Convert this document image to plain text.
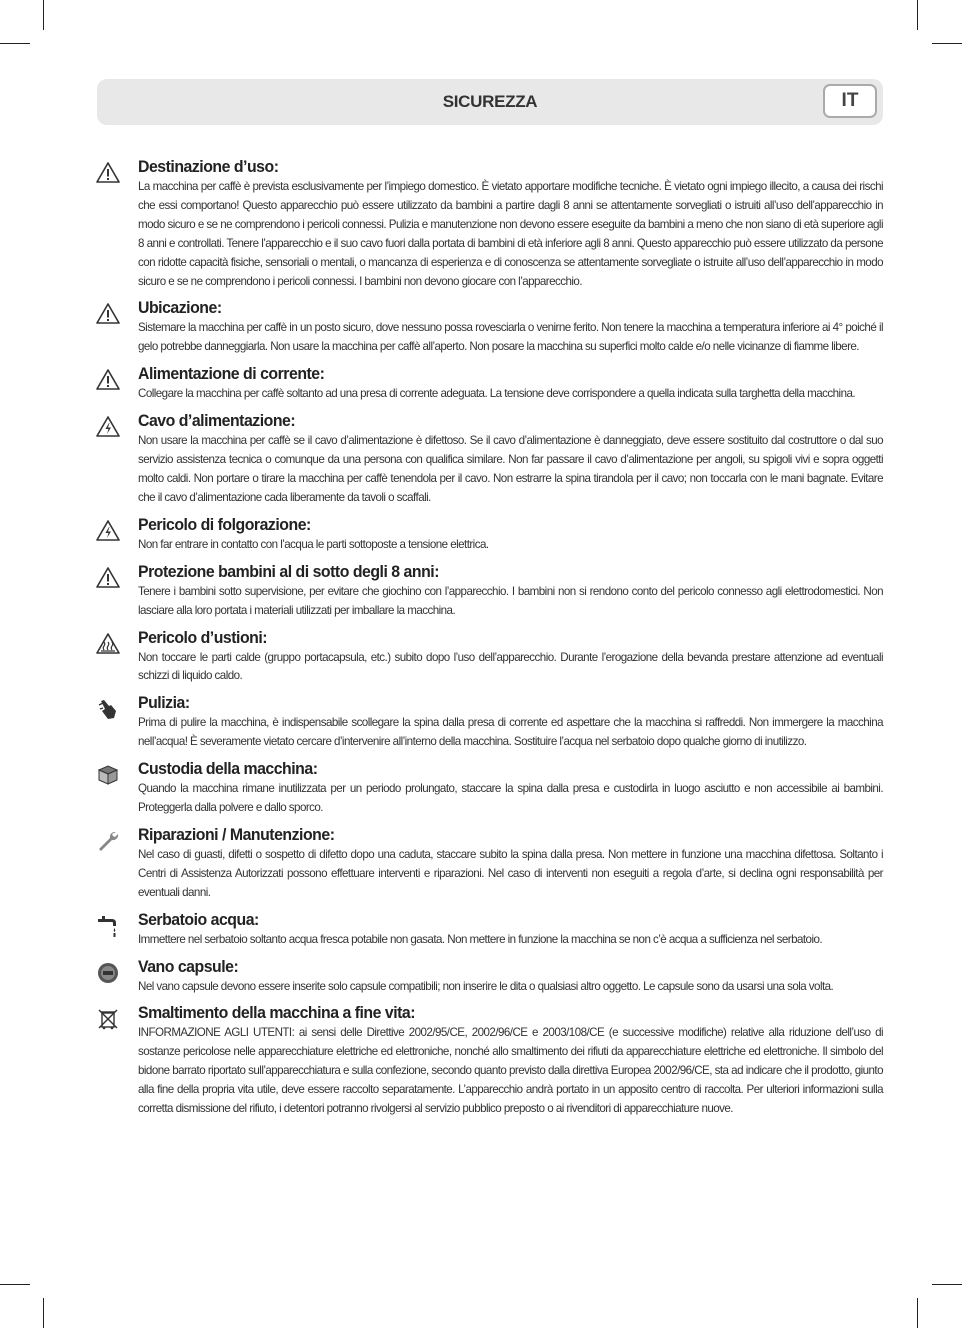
SICUREZZA	IT
Destinazione d’uso:
La macchina per caffè è prevista esclusivamente per l’impiego domestico. È vietato apportare modifiche tecniche. È vietato ogni impiego illecito, a causa dei rischi che essi comportano! Questo apparecchio può essere utilizzato da bambini a partire dagli 8 anni se attentamente sorvegliati o istruiti all’uso dell’apparecchio in modo sicuro e se ne comprendono i pericoli connessi. Pulizia e manutenzione non devono essere eseguite da bambini a meno che non siano di età superiore agli 8 anni e controllati. Tenere l’apparecchio e il suo cavo fuori dalla portata di bambini di età inferiore agli 8 anni. Questo apparecchio può essere utilizzato da persone con ridotte capacità fisiche, sensoriali o mentali, o mancanza di esperienza e di conoscenza se attentamente sorvegliate o istruite all’uso dell’apparecchio in modo sicuro e se ne comprendono i pericoli connessi. I bambini non devono giocare con l’apparecchio.
Ubicazione:
Sistemare la macchina per caffè in un posto sicuro, dove nessuno possa rovesciarla o venirne ferito. Non tenere la macchina a temperatura inferiore ai 4° poiché il gelo potrebbe danneggiarla. Non usare la macchina per caffè all’aperto. Non posare la macchina su superfici molto calde e/o nelle vicinanze di fiamme libere.
Alimentazione di corrente:
Collegare la macchina per caffè soltanto ad una presa di corrente adeguata. La tensione deve corrispondere a quella indicata sulla targhetta della macchina.
Cavo d’alimentazione:
Non usare la macchina per caffè se il cavo d’alimentazione è difettoso. Se il cavo d’alimentazione è danneggiato, deve essere sostituito dal costruttore o dal suo servizio assistenza tecnica o comunque da una persona con qualifica similare. Non far passare il cavo d’alimentazione per angoli, su spigoli vivi e sopra oggetti molto caldi. Non portare o tirare la macchina per caffè tenendola per il cavo. Non estrarre la spina tirandola per il cavo; non toccarla con le mani bagnate. Evitare che il cavo d’alimentazione cada liberamente da tavoli o scaffali.
Pericolo di folgorazione:
Non far entrare in contatto con l’acqua le parti sottoposte a tensione elettrica.
Protezione bambini al di sotto degli 8 anni:
Tenere i bambini sotto supervisione, per evitare che giochino con l’apparecchio. I bambini non si rendono conto del pericolo connesso agli elettrodomestici. Non lasciare alla loro portata i materiali utilizzati per imballare la macchina.
Pericolo d’ustioni:
Non toccare le parti calde (gruppo portacapsula, etc.) subito dopo l’uso dell’apparecchio. Durante l’erogazione della bevanda prestare attenzione ad eventuali schizzi di liquido caldo.
Pulizia:
Prima di pulire la macchina, è indispensabile scollegare la spina dalla presa di corrente ed aspettare che la macchina si raffreddi. Non immergere la macchina nell’acqua! È severamente vietato cercare d’intervenire all’interno della macchina. Sostituire l’acqua nel serbatoio dopo qualche giorno di inutilizzo.
Custodia della macchina:
Quando la macchina rimane inutilizzata per un periodo prolungato, staccare la spina dalla presa e custodirla in luogo asciutto e non accessibile ai bambini. Proteggerla dalla polvere e dallo sporco.
Riparazioni / Manutenzione:
Nel caso di guasti, difetti o sospetto di difetto dopo una caduta, staccare subito la spina dalla presa. Non mettere in funzione una macchina difettosa. Soltanto i Centri di Assistenza Autorizzati possono effettuare interventi e riparazioni. Nel caso di interventi non eseguiti a regola d’arte, si declina ogni responsabilità per eventuali danni.
Serbatoio acqua:
Immettere nel serbatoio soltanto acqua fresca potabile non gasata. Non mettere in funzione la macchina se non c’è acqua a sufficienza nel serbatoio.
Vano capsule:
Nel vano capsule devono essere inserite solo capsule compatibili; non inserire le dita o qualsiasi altro oggetto. Le capsule sono da usarsi una sola volta.
Smaltimento della macchina a fine vita:
INFORMAZIONE AGLI UTENTI: ai sensi delle Direttive 2002/95/CE, 2002/96/CE e 2003/108/CE (e successive modifiche) relative alla riduzione dell’uso di sostanze pericolose nelle apparecchiature elettriche ed elettroniche, nonché allo smaltimento dei rifiuti da apparecchiature elettriche ed elettroniche. Il simbolo del bidone barrato riportato sull’apparecchiatura e sulla confezione, secondo quanto previsto dalla direttiva Europea 2002/96/CE, sta ad indicare che il prodotto, giunto alla fine della propria vita utile, deve essere raccolto separatamente. L’apparecchio andrà portato in un apposito centro di raccolta. Per ulteriori informazioni sulla corretta dismissione del rifiuto, i detentori potranno rivolgersi al servizio pubblico preposto o ai rivenditori di apparecchiature nuove.
